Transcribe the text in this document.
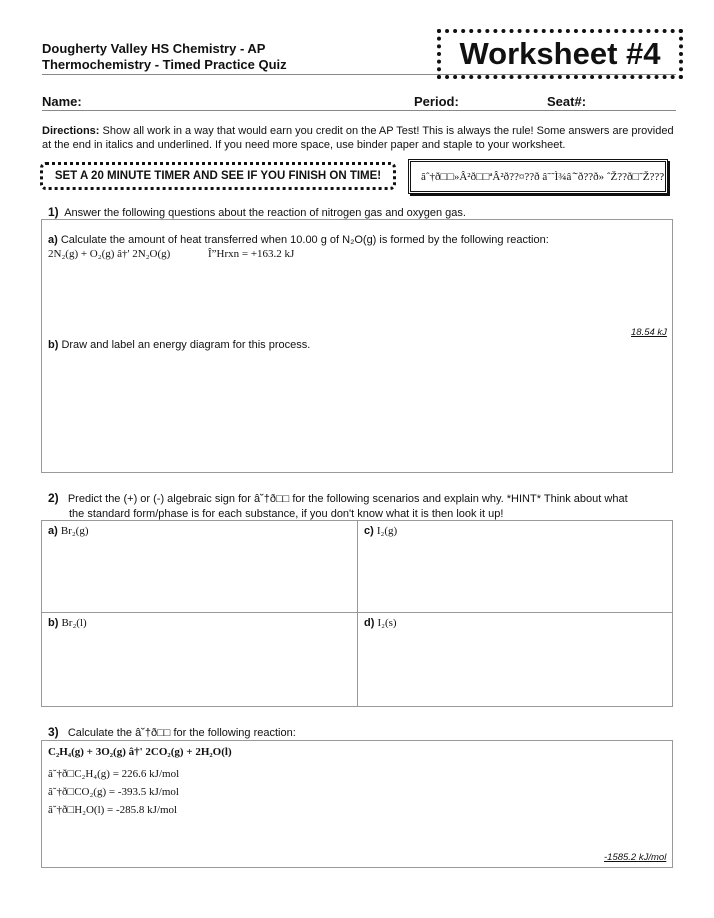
Dougherty Valley HS Chemistry - AP
Thermochemistry - Timed Practice Quiz	Worksheet #4
Name:	Period:	Seat#:
Directions: Show all work in a way that would earn you credit on the AP Test! This is always the rule! Some answers are provided at the end in italics and underlined. If you need more space, use binder paper and staple to your worksheet.
SET A 20 MINUTE TIMER AND SEE IF YOU FINISH ON TIME!	âˆ†ð□□»Â²ð□□ªÂ²ð??¤??ð â˜˜Ì¾â ̂˜ð??ð» ˆŽ??ð□˜Ž???
1) Answer the following questions about the reaction of nitrogen gas and oxygen gas.
a) Calculate the amount of heat transferred when 10.00 g of N₂O(g) is formed by the following reaction:
2N₂(g) + O₂(g) â†' 2N₂O(g)	Î”Hrxn = +163.2 kJ
18.54 kJ
b) Draw and label an energy diagram for this process.
2) Predict the (+) or (-) algebraic sign for â˘†ð□□ for the following scenarios and explain why. *HINT* Think about what
the standard form/phase is for each substance, if you don't know what it is then look it up!
a) Br₂(g)	c) I₂(g)
b) Br₂(l)	d) I₂(s)
3) Calculate the â˘†ð□□ for the following reaction:
C₂H₄(g) + 3O₂(g) â†' 2CO₂(g) + 2H₂O(l)
â˘†ð□C₂H₄(g) = 226.6 kJ/mol
â˘†ð□CO₂(g) = -393.5 kJ/mol
â˘†ð□H₂O(l) = -285.8 kJ/mol
-1585.2 kJ/mol
